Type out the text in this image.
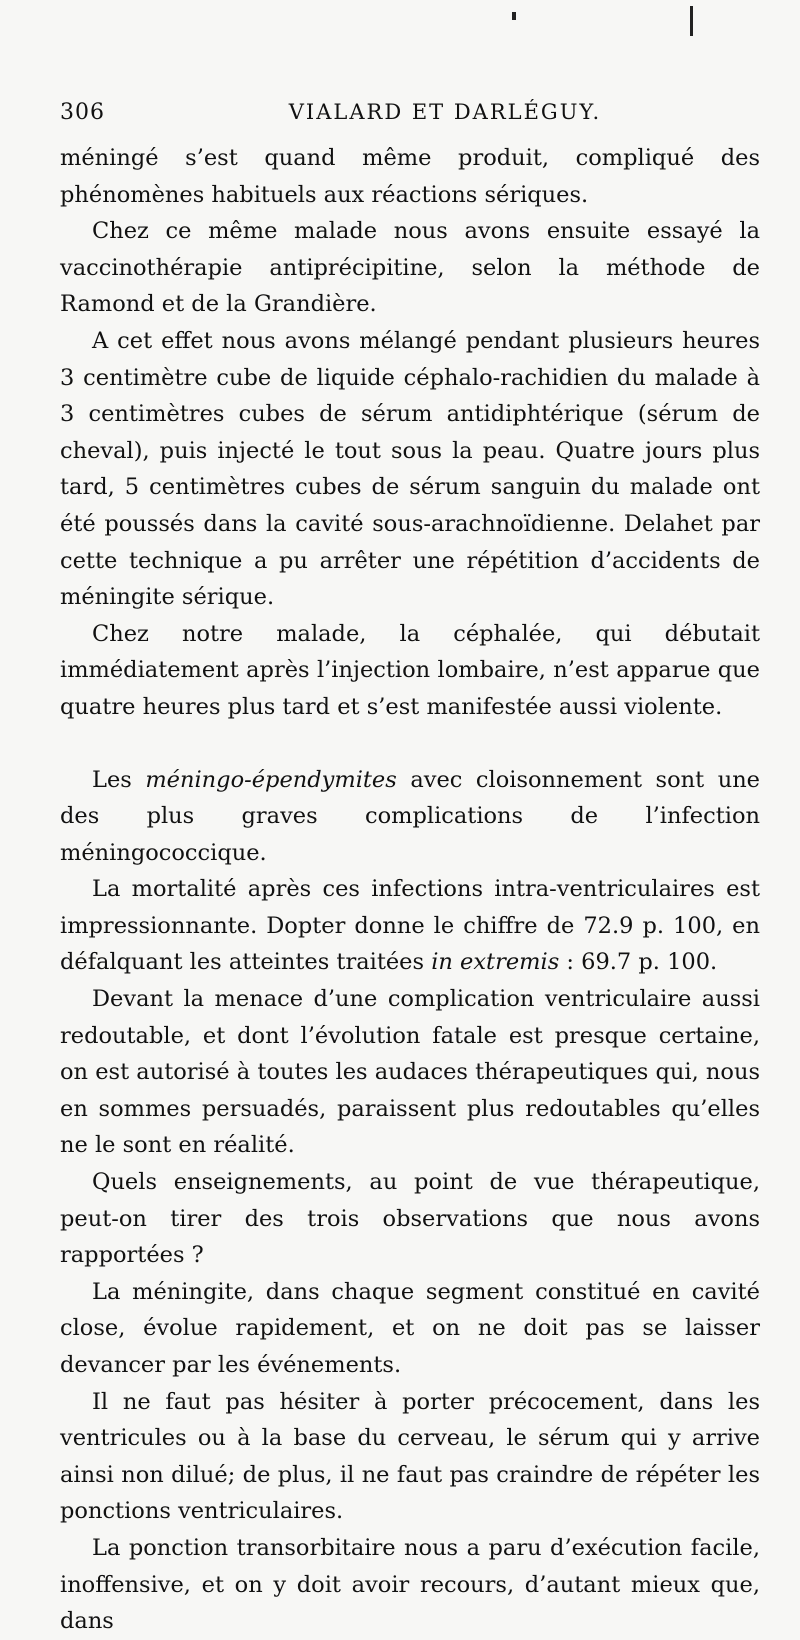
306	VIALARD ET DARLÉGUY.

méningé s’est quand même produit, compliqué des phénomènes habituels aux réactions sériques.

Chez ce même malade nous avons ensuite essayé la vaccinothérapie antiprécipitine, selon la méthode de Ramond et de la Grandière.

A cet effet nous avons mélangé pendant plusieurs heures 3 centimètre cube de liquide céphalo-rachidien du malade à 3 centimètres cubes de sérum antidiphtérique (sérum de cheval), puis injecté le tout sous la peau. Quatre jours plus tard, 5 centimètres cubes de sérum sanguin du malade ont été poussés dans la cavité sous-arachnoïdienne. Delahet par cette technique a pu arrêter une répétition d’accidents de méningite sérique.

Chez notre malade, la céphalée, qui débutait immédiatement après l’injection lombaire, n’est apparue que quatre heures plus tard et s’est manifestée aussi violente.

Les méningo-épendymites avec cloisonnement sont une des plus graves complications de l’infection méningococcique.

La mortalité après ces infections intra-ventriculaires est impressionnante. Dopter donne le chiffre de 72.9 p. 100, en défalquant les atteintes traitées in extremis : 69.7 p. 100.

Devant la menace d’une complication ventriculaire aussi redoutable, et dont l’évolution fatale est presque certaine, on est autorisé à toutes les audaces thérapeutiques qui, nous en sommes persuadés, paraissent plus redoutables qu’elles ne le sont en réalité.

Quels enseignements, au point de vue thérapeutique, peut-on tirer des trois observations que nous avons rapportées ?

La méningite, dans chaque segment constitué en cavité close, évolue rapidement, et on ne doit pas se laisser devancer par les événements.

Il ne faut pas hésiter à porter précocement, dans les ventricules ou à la base du cerveau, le sérum qui y arrive ainsi non dilué; de plus, il ne faut pas craindre de répéter les ponctions ventriculaires.

La ponction transorbitaire nous a paru d’exécution facile, inoffensive, et on y doit avoir recours, d’autant mieux que, dans
